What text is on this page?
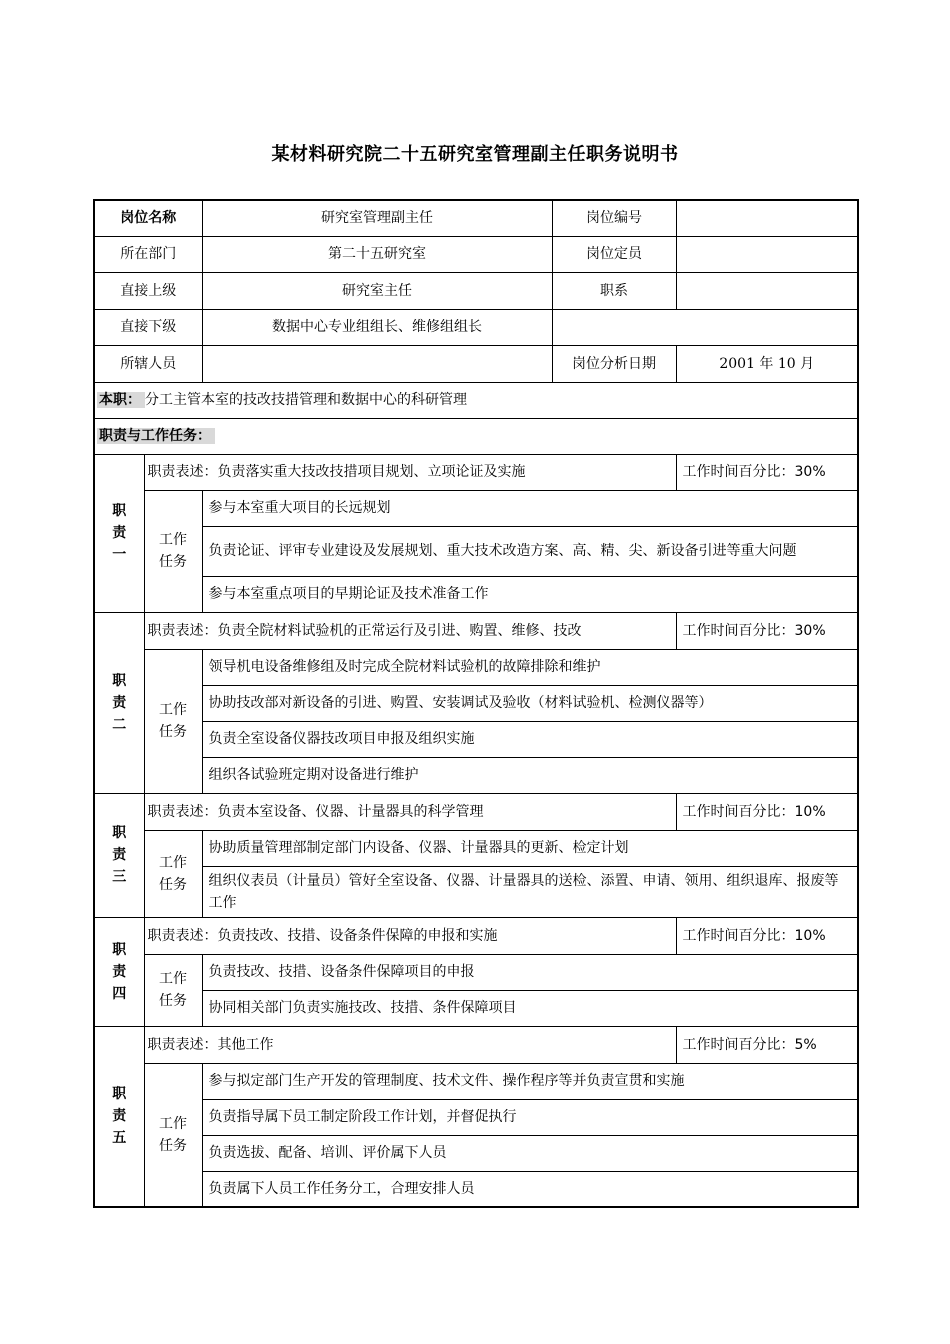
某材料研究院二十五研究室管理副主任职务说明书
岗位名称		研究室管理副主任	岗位编号	
所在部门		第二十五研究室	岗位定员	
直接上级		研究室主任	职系	
直接下级		数据中心专业组组长、维修组组长		
所辖人员			岗位分析日期	2001 年 10 月
本职： 分工主管本室的技改技措管理和数据中心的科研管理				
职责与工作任务：				

职
责
一	职责表述：负责落实重大技改技措项目规划、立项论证及实施			工作时间百分比：30%

	工作
任务	参与本室重大项目的长远规划		
		负责论证、评审专业建设及发展规划、重大技术改造方案、高、精、尖、新设备引进等重大问题		
		参与本室重点项目的早期论证及技术准备工作		

职
责
二	职责表述：负责全院材料试验机的正常运行及引进、购置、维修、技改			工作时间百分比：30%

	工作
任务	领导机电设备维修组及时完成全院材料试验机的故障排除和维护		
		协助技改部对新设备的引进、购置、安装调试及验收（材料试验机、检测仪器等）		
		负责全室设备仪器技改项目申报及组织实施		
		组织各试验班定期对设备进行维护		

职
责
三	职责表述：负责本室设备、仪器、计量器具的科学管理			工作时间百分比：10%

	工作
任务	协助质量管理部制定部门内设备、仪器、计量器具的更新、检定计划		
		组织仪表员（计量员）管好全室设备、仪器、计量器具的送检、添置、申请、领用、组织退库、报废等工作		

职
责
四	职责表述：负责技改、技措、设备条件保障的申报和实施			工作时间百分比：10%

	工作
任务	负责技改、技措、设备条件保障项目的申报		
		协同相关部门负责实施技改、技措、条件保障项目		

职
责
五	职责表述：其他工作			工作时间百分比：5%

	工作
任务	参与拟定部门生产开发的管理制度、技术文件、操作程序等并负责宣贯和实施		
		负责指导属下员工制定阶段工作计划，并督促执行		
		负责选拔、配备、培训、评价属下人员		
		负责属下人员工作任务分工，合理安排人员		
